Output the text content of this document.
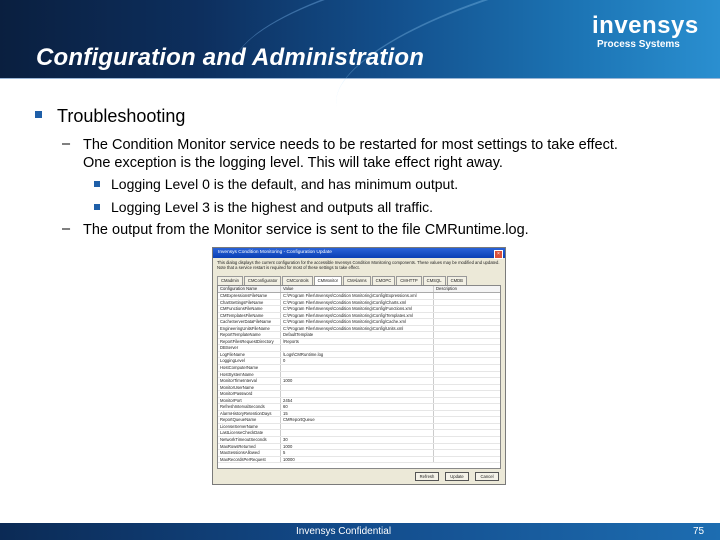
Configuration and Administration
invensys
Process Systems
Troubleshooting
– The Condition Monitor service needs to be restarted for most settings to take effect.
One exception is the logging level. This will take effect right away.
Logging Level 0 is the default, and has minimum output.
Logging Level 3 is the highest and outputs all traffic.
– The output from the Monitor service is sent to the file CMRuntime.log.
Invensys Condition Monitoring - Configuration Update	×
This dialog displays the current configuration for the accessible Invensys Condition Monitoring components. These values may be modified and updated. Note that a service restart is required for most of these settings to take effect.
CMadmin	CMConfigurator	CMControls	CMMonitor	CMAlarms	CMOPC	CMHTTP	CMSQL	CMDB
Configuration Name	Value	Description
CMExpressionsFileName	C:\Program Files\Invensys\Condition Monitoring\Config\Expressions.xml
ChartSettingsFileName	C:\Program Files\Invensys\Condition Monitoring\Config\Charts.xml
CMFunctionsFileName	C:\Program Files\Invensys\Condition Monitoring\Config\Functions.xml
CMTemplatesFileName	C:\Program Files\Invensys\Condition Monitoring\Config\Templates.xml
CacheServerDataFileName	C:\Program Files\Invensys\Condition Monitoring\Config\Cache.xml
EngineeringUnitsFileName	C:\Program Files\Invensys\Condition Monitoring\Config\Units.xml
ReportTemplateName	DefaultTemplate
ReportFilesRequestDirectory	\Reports
DBServer
LogFileName	\Logs\CMRuntime.log
LoggingLevel	0
HostComputerName
HostSystemName
MonitorTimeInterval	1000
MonitorUserName
MonitorPassword
MonitorPort	2454
RefreshIntervalSeconds	60
AlarmHistoryRetentionDays	15
ReportQueueName	CMReportQueue
LicenseServerName
LastLicenseCheckDate
NetworkTimeoutSeconds	30
MaxRowsReturned	1000
MaxSessionsAllowed	5
MaxRecordsPerRequest	10000
Refresh	Update	Cancel
Invensys Confidential	75
